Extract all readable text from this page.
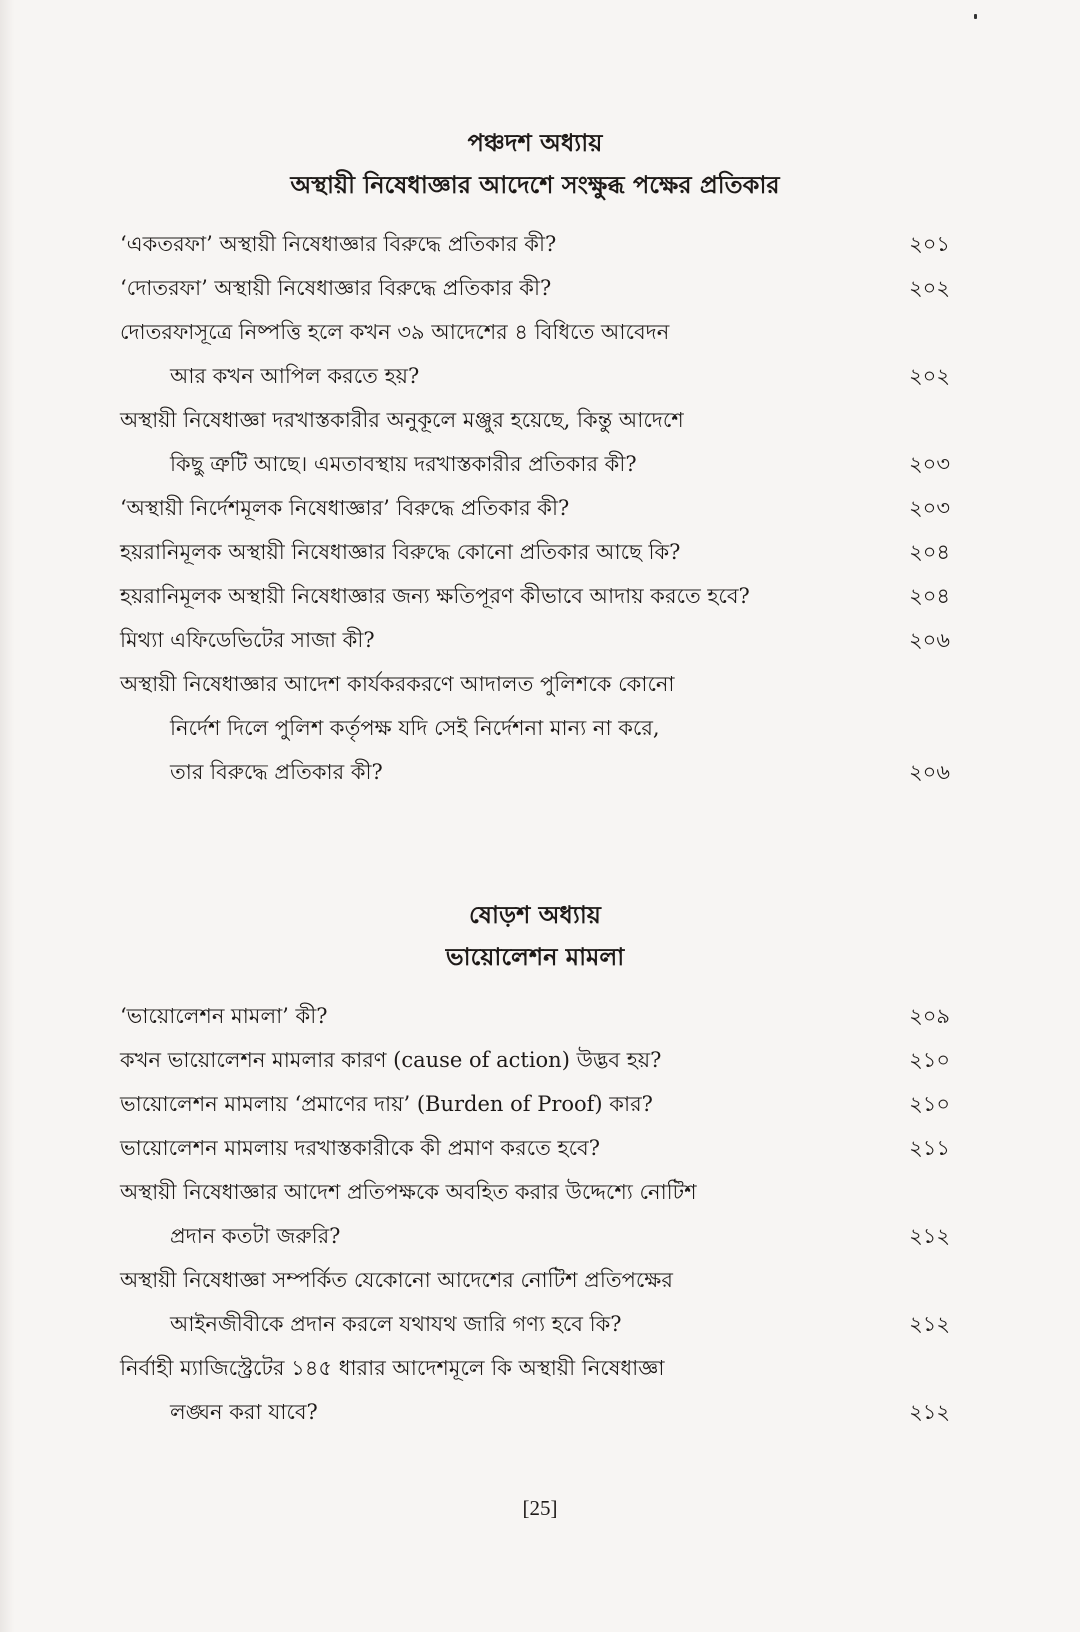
পঞ্চদশ অধ্যায়
অস্থায়ী নিষেধাজ্ঞার আদেশে সংক্ষুব্ধ পক্ষের প্রতিকার
‘একতরফা’ অস্থায়ী নিষেধাজ্ঞার বিরুদ্ধে প্রতিকার কী?	২০১
‘দোতরফা’ অস্থায়ী নিষেধাজ্ঞার বিরুদ্ধে প্রতিকার কী?	২০২
দোতরফাসূত্রে নিষ্পত্তি হলে কখন ৩৯ আদেশের ৪ বিধিতে আবেদন
আর কখন আপিল করতে হয়?	২০২
অস্থায়ী নিষেধাজ্ঞা দরখাস্তকারীর অনুকূলে মঞ্জুর হয়েছে, কিন্তু আদেশে
কিছু ত্রুটি আছে। এমতাবস্থায় দরখাস্তকারীর প্রতিকার কী?	২০৩
‘অস্থায়ী নির্দেশমূলক নিষেধাজ্ঞার’ বিরুদ্ধে প্রতিকার কী?	২০৩
হয়রানিমূলক অস্থায়ী নিষেধাজ্ঞার বিরুদ্ধে কোনো প্রতিকার আছে কি?	২০৪
হয়রানিমূলক অস্থায়ী নিষেধাজ্ঞার জন্য ক্ষতিপূরণ কীভাবে আদায় করতে হবে?	২০৪
মিথ্যা এফিডেভিটের সাজা কী?	২০৬
অস্থায়ী নিষেধাজ্ঞার আদেশ কার্যকরকরণে আদালত পুলিশকে কোনো
নির্দেশ দিলে পুলিশ কর্তৃপক্ষ যদি সেই নির্দেশনা মান্য না করে,
তার বিরুদ্ধে প্রতিকার কী?	২০৬
ষোড়শ অধ্যায়
ভায়োলেশন মামলা
‘ভায়োলেশন মামলা’ কী?	২০৯
কখন ভায়োলেশন মামলার কারণ (cause of action) উদ্ভব হয়?	২১০
ভায়োলেশন মামলায় ‘প্রমাণের দায়’ (Burden of Proof) কার?	২১০
ভায়োলেশন মামলায় দরখাস্তকারীকে কী প্রমাণ করতে হবে?	২১১
অস্থায়ী নিষেধাজ্ঞার আদেশ প্রতিপক্ষকে অবহিত করার উদ্দেশ্যে নোটিশ
প্রদান কতটা জরুরি?	২১২
অস্থায়ী নিষেধাজ্ঞা সম্পর্কিত যেকোনো আদেশের নোটিশ প্রতিপক্ষের
আইনজীবীকে প্রদান করলে যথাযথ জারি গণ্য হবে কি?	২১২
নির্বাহী ম্যাজিস্ট্রেটের ১৪৫ ধারার আদেশমূলে কি অস্থায়ী নিষেধাজ্ঞা
লঙ্ঘন করা যাবে?	২১২
[25]
